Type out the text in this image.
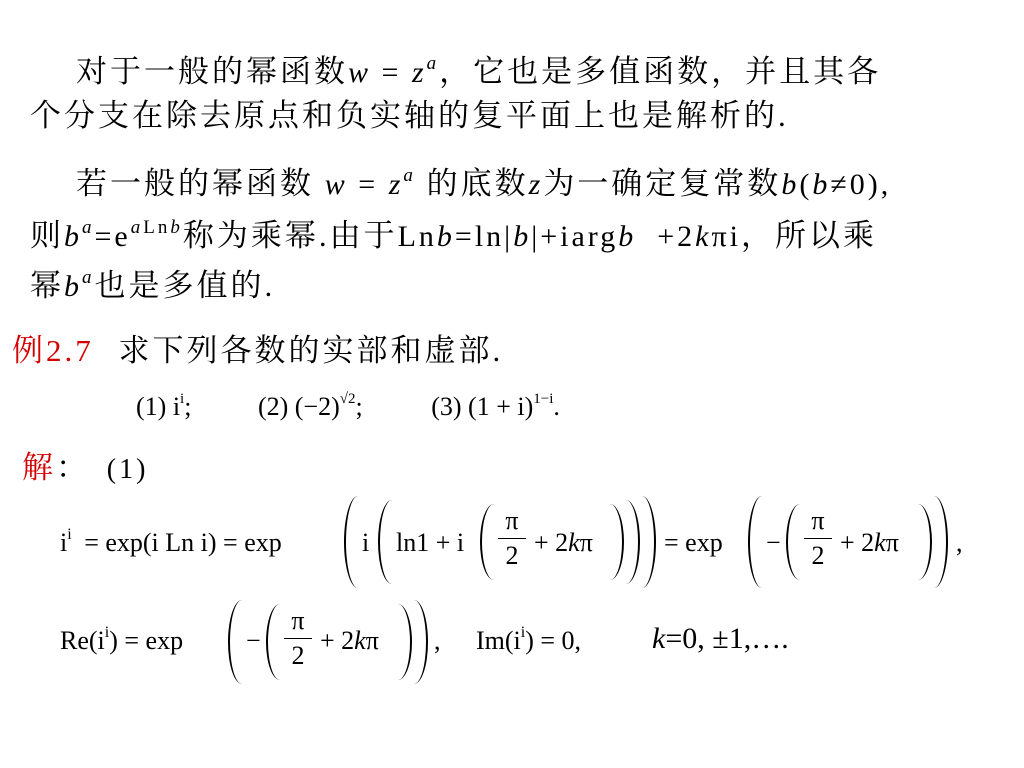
对于一般的幂函数$w = z^a$，它也是多值函数，并且其各
个分支在除去原点和负实轴的复平面上也是解析的.
若一般的幂函数 $w = z^a$ 的底数z为一确定复常数b(b≠0),
则$b^a=e^{aLnb}$称为乘幂.由于Lnb=ln|b|+iargb  +2kπi，所以乘
幂$b^a$也是多值的.
例2.7 求下列各数的实部和虚部.
(1) $i^i$;	(2) $(-2)^{√2}$;	(3) $(1 + i)^{1-i}$.
解： (1)
$i^i = \exp(i$ Ln i) = exp	i ln1 + i
π
2 + 2kπ	= exp −
π
2 + 2kπ ,
$Re(i^i) = \exp$ −
π
2
+ 2kπ , $Im(i^i) = 0$, k=0, ±1,….
